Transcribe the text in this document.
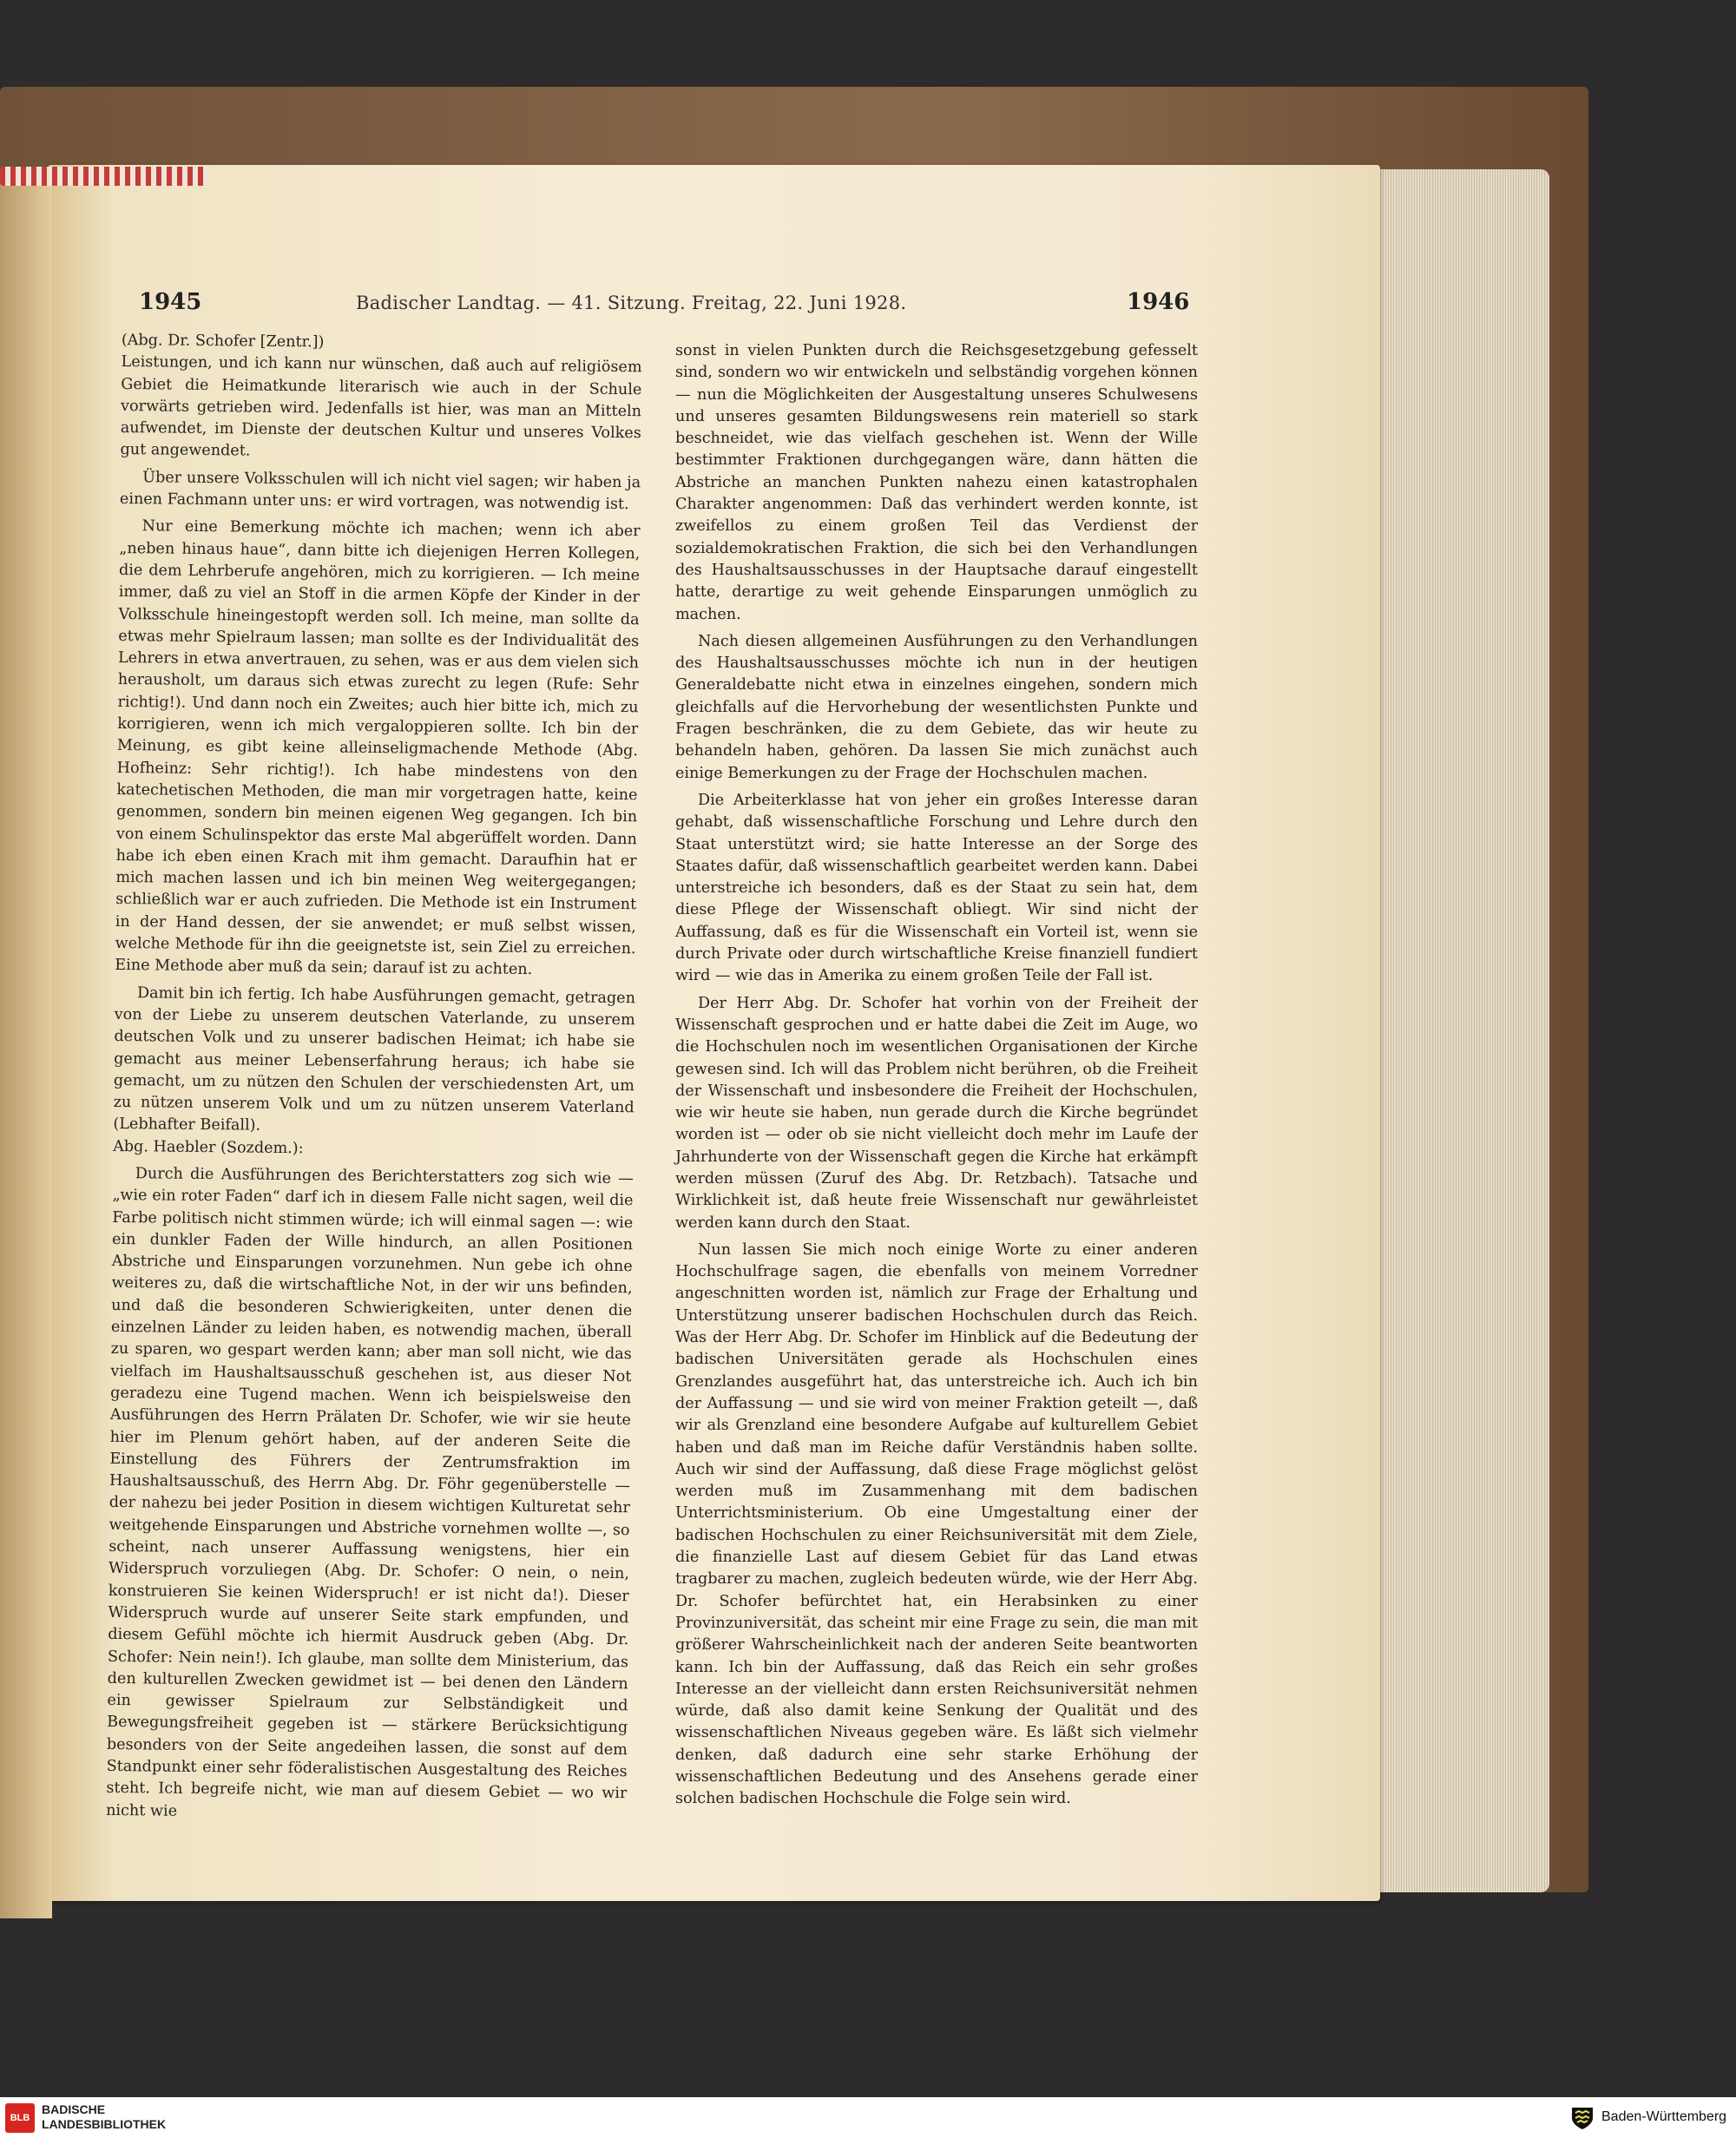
1945	Badischer Landtag. — 41. Sitzung. Freitag, 22. Juni 1928.	1946

(Abg. Dr. Schofer [Zentr.])

Leistungen, und ich kann nur wünschen, daß auch auf religiösem Gebiet die Heimatkunde literarisch wie auch in der Schule vorwärts getrieben wird. Jedenfalls ist hier, was man an Mitteln aufwendet, im Dienste der deutschen Kultur und unseres Volkes gut angewendet.

Über unsere Volksschulen will ich nicht viel sagen; wir haben ja einen Fachmann unter uns: er wird vortragen, was notwendig ist.

Nur eine Bemerkung möchte ich machen; wenn ich aber „neben hinaus haue“, dann bitte ich diejenigen Herren Kollegen, die dem Lehrberufe angehören, mich zu korrigieren. — Ich meine immer, daß zu viel an Stoff in die armen Köpfe der Kinder in der Volksschule hineingestopft werden soll. Ich meine, man sollte da etwas mehr Spielraum lassen; man sollte es der Individualität des Lehrers in etwa anvertrauen, zu sehen, was er aus dem vielen sich herausholt, um daraus sich etwas zurecht zu legen (Rufe: Sehr richtig!). Und dann noch ein Zweites; auch hier bitte ich, mich zu korrigieren, wenn ich mich vergaloppieren sollte. Ich bin der Meinung, es gibt keine alleinseligmachende Methode (Abg. Hofheinz: Sehr richtig!). Ich habe mindestens von den katechetischen Methoden, die man mir vorgetragen hatte, keine genommen, sondern bin meinen eigenen Weg gegangen. Ich bin von einem Schulinspektor das erste Mal abgerüffelt worden. Dann habe ich eben einen Krach mit ihm gemacht. Daraufhin hat er mich machen lassen und ich bin meinen Weg weitergegangen; schließlich war er auch zufrieden. Die Methode ist ein Instrument in der Hand dessen, der sie anwendet; er muß selbst wissen, welche Methode für ihn die geeignetste ist, sein Ziel zu erreichen. Eine Methode aber muß da sein; darauf ist zu achten.

Damit bin ich fertig. Ich habe Ausführungen gemacht, getragen von der Liebe zu unserem deutschen Vaterlande, zu unserem deutschen Volk und zu unserer badischen Heimat; ich habe sie gemacht aus meiner Lebenserfahrung heraus; ich habe sie gemacht, um zu nützen den Schulen der verschiedensten Art, um zu nützen unserem Volk und um zu nützen unserem Vaterland (Lebhafter Beifall).

Abg. Haebler (Sozdem.):

Durch die Ausführungen des Berichterstatters zog sich wie — „wie ein roter Faden“ darf ich in diesem Falle nicht sagen, weil die Farbe politisch nicht stimmen würde; ich will einmal sagen —: wie ein dunkler Faden der Wille hindurch, an allen Positionen Abstriche und Einsparungen vorzunehmen. Nun gebe ich ohne weiteres zu, daß die wirtschaftliche Not, in der wir uns befinden, und daß die besonderen Schwierigkeiten, unter denen die einzelnen Länder zu leiden haben, es notwendig machen, überall zu sparen, wo gespart werden kann; aber man soll nicht, wie das vielfach im Haushaltsausschuß geschehen ist, aus dieser Not geradezu eine Tugend machen. Wenn ich beispielsweise den Ausführungen des Herrn Prälaten Dr. Schofer, wie wir sie heute hier im Plenum gehört haben, auf der anderen Seite die Einstellung des Führers der Zentrumsfraktion im Haushaltsausschuß, des Herrn Abg. Dr. Föhr gegenüberstelle — der nahezu bei jeder Position in diesem wichtigen Kulturetat sehr weitgehende Einsparungen und Abstriche vornehmen wollte —, so scheint, nach unserer Auffassung wenigstens, hier ein Widerspruch vorzuliegen (Abg. Dr. Schofer: O nein, o nein, konstruieren Sie keinen Widerspruch! er ist nicht da!). Dieser Widerspruch wurde auf unserer Seite stark empfunden, und diesem Gefühl möchte ich hiermit Ausdruck geben (Abg. Dr. Schofer: Nein nein!). Ich glaube, man sollte dem Ministerium, das den kulturellen Zwecken gewidmet ist — bei denen den Ländern ein gewisser Spielraum zur Selbständigkeit und Bewegungsfreiheit gegeben ist — stärkere Berücksichtigung besonders von der Seite angedeihen lassen, die sonst auf dem Standpunkt einer sehr föderalistischen Ausgestaltung des Reiches steht. Ich begreife nicht, wie man auf diesem Gebiet — wo wir nicht wie

sonst in vielen Punkten durch die Reichsgesetzgebung gefesselt sind, sondern wo wir entwickeln und selbständig vorgehen können — nun die Möglichkeiten der Ausgestaltung unseres Schulwesens und unseres gesamten Bildungswesens rein materiell so stark beschneidet, wie das vielfach geschehen ist. Wenn der Wille bestimmter Fraktionen durchgegangen wäre, dann hätten die Abstriche an manchen Punkten nahezu einen katastrophalen Charakter angenommen: Daß das verhindert werden konnte, ist zweifellos zu einem großen Teil das Verdienst der sozialdemokratischen Fraktion, die sich bei den Verhandlungen des Haushaltsausschusses in der Hauptsache darauf eingestellt hatte, derartige zu weit gehende Einsparungen unmöglich zu machen.

Nach diesen allgemeinen Ausführungen zu den Verhandlungen des Haushaltsausschusses möchte ich nun in der heutigen Generaldebatte nicht etwa in einzelnes eingehen, sondern mich gleichfalls auf die Hervorhebung der wesentlichsten Punkte und Fragen beschränken, die zu dem Gebiete, das wir heute zu behandeln haben, gehören. Da lassen Sie mich zunächst auch einige Bemerkungen zu der Frage der Hochschulen machen.

Die Arbeiterklasse hat von jeher ein großes Interesse daran gehabt, daß wissenschaftliche Forschung und Lehre durch den Staat unterstützt wird; sie hatte Interesse an der Sorge des Staates dafür, daß wissenschaftlich gearbeitet werden kann. Dabei unterstreiche ich besonders, daß es der Staat zu sein hat, dem diese Pflege der Wissenschaft obliegt. Wir sind nicht der Auffassung, daß es für die Wissenschaft ein Vorteil ist, wenn sie durch Private oder durch wirtschaftliche Kreise finanziell fundiert wird — wie das in Amerika zu einem großen Teile der Fall ist.

Der Herr Abg. Dr. Schofer hat vorhin von der Freiheit der Wissenschaft gesprochen und er hatte dabei die Zeit im Auge, wo die Hochschulen noch im wesentlichen Organisationen der Kirche gewesen sind. Ich will das Problem nicht berühren, ob die Freiheit der Wissenschaft und insbesondere die Freiheit der Hochschulen, wie wir heute sie haben, nun gerade durch die Kirche begründet worden ist — oder ob sie nicht vielleicht doch mehr im Laufe der Jahrhunderte von der Wissenschaft gegen die Kirche hat erkämpft werden müssen (Zuruf des Abg. Dr. Retzbach). Tatsache und Wirklichkeit ist, daß heute freie Wissenschaft nur gewährleistet werden kann durch den Staat.

Nun lassen Sie mich noch einige Worte zu einer anderen Hochschulfrage sagen, die ebenfalls von meinem Vorredner angeschnitten worden ist, nämlich zur Frage der Erhaltung und Unterstützung unserer badischen Hochschulen durch das Reich. Was der Herr Abg. Dr. Schofer im Hinblick auf die Bedeutung der badischen Universitäten gerade als Hochschulen eines Grenzlandes ausgeführt hat, das unterstreiche ich. Auch ich bin der Auffassung — und sie wird von meiner Fraktion geteilt —, daß wir als Grenzland eine besondere Aufgabe auf kulturellem Gebiet haben und daß man im Reiche dafür Verständnis haben sollte. Auch wir sind der Auffassung, daß diese Frage möglichst gelöst werden muß im Zusammenhang mit dem badischen Unterrichtsministerium. Ob eine Umgestaltung einer der badischen Hochschulen zu einer Reichsuniversität mit dem Ziele, die finanzielle Last auf diesem Gebiet für das Land etwas tragbarer zu machen, zugleich bedeuten würde, wie der Herr Abg. Dr. Schofer befürchtet hat, ein Herabsinken zu einer Provinzuniversität, das scheint mir eine Frage zu sein, die man mit größerer Wahrscheinlichkeit nach der anderen Seite beantworten kann. Ich bin der Auffassung, daß das Reich ein sehr großes Interesse an der vielleicht dann ersten Reichsuniversität nehmen würde, daß also damit keine Senkung der Qualität und des wissenschaftlichen Niveaus gegeben wäre. Es läßt sich vielmehr denken, daß dadurch eine sehr starke Erhöhung der wissenschaftlichen Bedeutung und des Ansehens gerade einer solchen badischen Hochschule die Folge sein wird.

BLB
BADISCHE
LANDESBIBLIOTHEK	Baden-Württemberg
